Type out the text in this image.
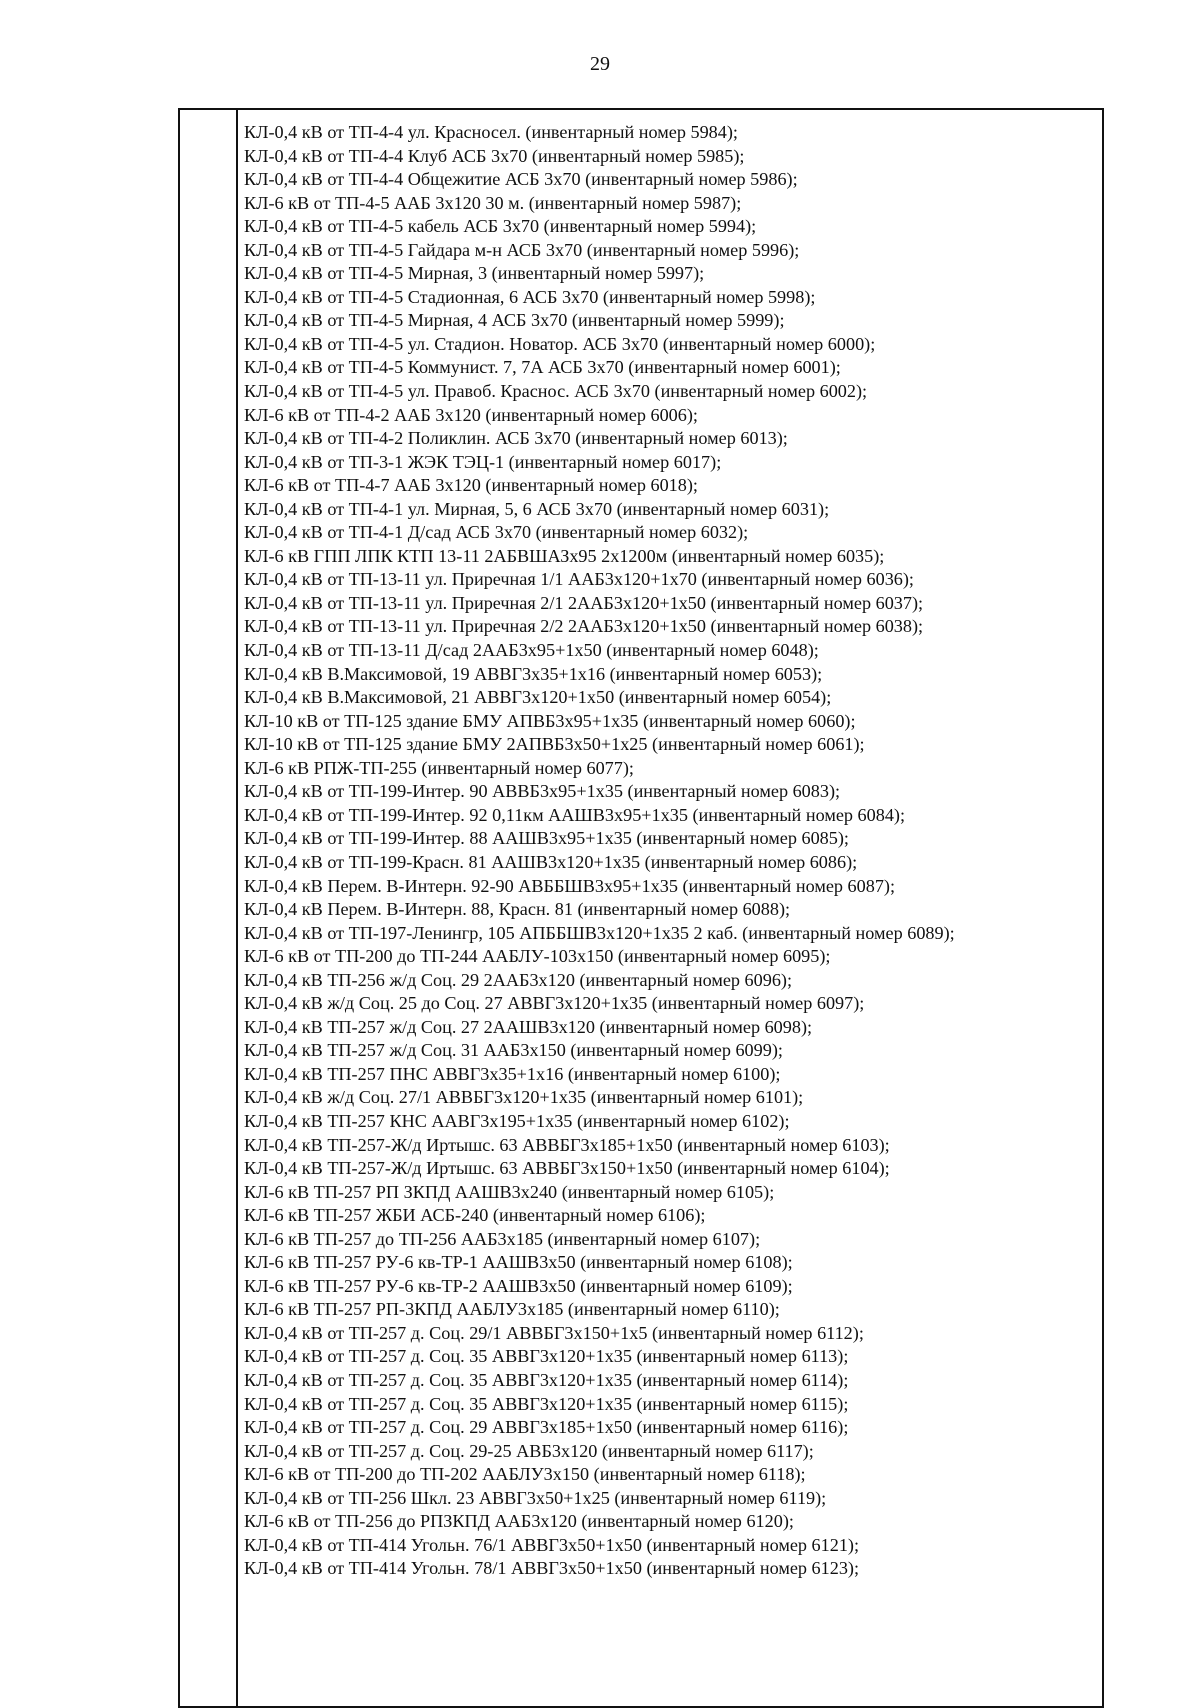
29
КЛ-0,4 кВ от ТП-4-4 ул. Красносел. (инвентарный номер 5984);
КЛ-0,4 кВ от ТП-4-4 Клуб АСБ 3х70 (инвентарный номер 5985);
КЛ-0,4 кВ от ТП-4-4 Общежитие АСБ 3х70 (инвентарный номер 5986);
КЛ-6 кВ от ТП-4-5 ААБ 3х120 30 м. (инвентарный номер 5987);
КЛ-0,4 кВ от ТП-4-5 кабель АСБ 3х70 (инвентарный номер 5994);
КЛ-0,4 кВ от ТП-4-5 Гайдара м-н АСБ 3х70 (инвентарный номер 5996);
КЛ-0,4 кВ от ТП-4-5 Мирная, 3 (инвентарный номер 5997);
КЛ-0,4 кВ от ТП-4-5 Стадионная, 6 АСБ 3х70 (инвентарный номер 5998);
КЛ-0,4 кВ от ТП-4-5 Мирная, 4 АСБ 3х70 (инвентарный номер 5999);
КЛ-0,4 кВ от ТП-4-5 ул. Стадион. Новатор. АСБ 3х70 (инвентарный номер 6000);
КЛ-0,4 кВ от ТП-4-5 Коммунист. 7, 7А АСБ 3х70 (инвентарный номер 6001);
КЛ-0,4 кВ от ТП-4-5 ул. Правоб. Краснос. АСБ 3х70 (инвентарный номер 6002);
КЛ-6 кВ от ТП-4-2 ААБ 3х120 (инвентарный номер 6006);
КЛ-0,4 кВ от ТП-4-2 Поликлин. АСБ 3х70 (инвентарный номер 6013);
КЛ-0,4 кВ от ТП-3-1 ЖЭК ТЭЦ-1 (инвентарный номер 6017);
КЛ-6 кВ от ТП-4-7 ААБ 3х120 (инвентарный номер 6018);
КЛ-0,4 кВ от ТП-4-1 ул. Мирная, 5, 6 АСБ 3х70 (инвентарный номер 6031);
КЛ-0,4 кВ от ТП-4-1 Д/сад АСБ 3х70 (инвентарный номер 6032);
КЛ-6 кВ ГПП ЛПК КТП 13-11 2АБВШАЗх95 2х1200м (инвентарный номер 6035);
КЛ-0,4 кВ от ТП-13-11 ул. Приречная 1/1 ААБ3х120+1х70 (инвентарный номер 6036);
КЛ-0,4 кВ от ТП-13-11 ул. Приречная 2/1 2ААБ3х120+1х50 (инвентарный номер 6037);
КЛ-0,4 кВ от ТП-13-11 ул. Приречная 2/2 2ААБ3х120+1х50 (инвентарный номер 6038);
КЛ-0,4 кВ от ТП-13-11 Д/сад 2ААБ3х95+1х50 (инвентарный номер 6048);
КЛ-0,4 кВ В.Максимовой, 19 АВВГ3х35+1х16 (инвентарный номер 6053);
КЛ-0,4 кВ В.Максимовой, 21 АВВГ3х120+1х50 (инвентарный номер 6054);
КЛ-10 кВ от ТП-125 здание БМУ АПВБ3х95+1х35 (инвентарный номер 6060);
КЛ-10 кВ от ТП-125 здание БМУ 2АПВБ3х50+1х25 (инвентарный номер 6061);
КЛ-6 кВ РПЖ-ТП-255 (инвентарный номер 6077);
КЛ-0,4 кВ от ТП-199-Интер. 90 АВВБ3х95+1х35 (инвентарный номер 6083);
КЛ-0,4 кВ от ТП-199-Интер. 92 0,11км ААШВ3х95+1х35 (инвентарный номер 6084);
КЛ-0,4 кВ от ТП-199-Интер. 88 ААШВ3х95+1х35 (инвентарный номер 6085);
КЛ-0,4 кВ от ТП-199-Красн. 81 ААШВ3х120+1х35 (инвентарный номер 6086);
КЛ-0,4 кВ Перем. В-Интерн. 92-90 АВББШВ3х95+1х35 (инвентарный номер 6087);
КЛ-0,4 кВ Перем. В-Интерн. 88, Красн. 81 (инвентарный номер 6088);
КЛ-0,4 кВ от ТП-197-Ленингр, 105 АПББШВ3х120+1х35 2 каб. (инвентарный номер 6089);
КЛ-6 кВ от ТП-200 до ТП-244 ААБЛУ-103х150 (инвентарный номер 6095);
КЛ-0,4 кВ ТП-256 ж/д Соц. 29 2ААБ3х120 (инвентарный номер 6096);
КЛ-0,4 кВ ж/д Соц. 25 до Соц. 27 АВВГ3х120+1х35 (инвентарный номер 6097);
КЛ-0,4 кВ ТП-257 ж/д Соц. 27 2ААШВ3х120 (инвентарный номер 6098);
КЛ-0,4 кВ ТП-257 ж/д Соц. 31 ААБ3х150 (инвентарный номер 6099);
КЛ-0,4 кВ ТП-257 ПНС АВВГ3х35+1х16 (инвентарный номер 6100);
КЛ-0,4 кВ ж/д Соц. 27/1 АВВБГ3х120+1х35 (инвентарный номер 6101);
КЛ-0,4 кВ ТП-257 КНС ААВГ3х195+1х35 (инвентарный номер 6102);
КЛ-0,4 кВ ТП-257-Ж/д Иртышс. 63 АВВБГ3х185+1х50 (инвентарный номер 6103);
КЛ-0,4 кВ ТП-257-Ж/д Иртышс. 63 АВВБГ3х150+1х50 (инвентарный номер 6104);
КЛ-6 кВ ТП-257 РП ЗКПД ААШВ3х240 (инвентарный номер 6105);
КЛ-6 кВ ТП-257 ЖБИ АСБ-240 (инвентарный номер 6106);
КЛ-6 кВ ТП-257 до ТП-256 ААБ3х185 (инвентарный номер 6107);
КЛ-6 кВ ТП-257 РУ-6 кв-ТР-1 ААШВ3х50 (инвентарный номер 6108);
КЛ-6 кВ ТП-257 РУ-6 кв-ТР-2 ААШВ3х50 (инвентарный номер 6109);
КЛ-6 кВ ТП-257 РП-3КПД ААБЛУ3х185 (инвентарный номер 6110);
КЛ-0,4 кВ от ТП-257 д. Соц. 29/1 АВВБГ3х150+1х5 (инвентарный номер 6112);
КЛ-0,4 кВ от ТП-257 д. Соц. 35 АВВГ3х120+1х35 (инвентарный номер 6113);
КЛ-0,4 кВ от ТП-257 д. Соц. 35 АВВГ3х120+1х35 (инвентарный номер 6114);
КЛ-0,4 кВ от ТП-257 д. Соц. 35 АВВГ3х120+1х35 (инвентарный номер 6115);
КЛ-0,4 кВ от ТП-257 д. Соц. 29 АВВГ3х185+1х50 (инвентарный номер 6116);
КЛ-0,4 кВ от ТП-257 д. Соц. 29-25 АВБ3х120 (инвентарный номер 6117);
КЛ-6 кВ от ТП-200 до ТП-202 ААБЛУ3х150 (инвентарный номер 6118);
КЛ-0,4 кВ от ТП-256 Шкл. 23 АВВГ3х50+1х25 (инвентарный номер 6119);
КЛ-6 кВ от ТП-256 до РПЗКПД ААБ3х120 (инвентарный номер 6120);
КЛ-0,4 кВ от ТП-414 Угольн. 76/1 АВВГ3х50+1х50 (инвентарный номер 6121);
КЛ-0,4 кВ от ТП-414 Угольн. 78/1 АВВГ3х50+1х50 (инвентарный номер 6123);
